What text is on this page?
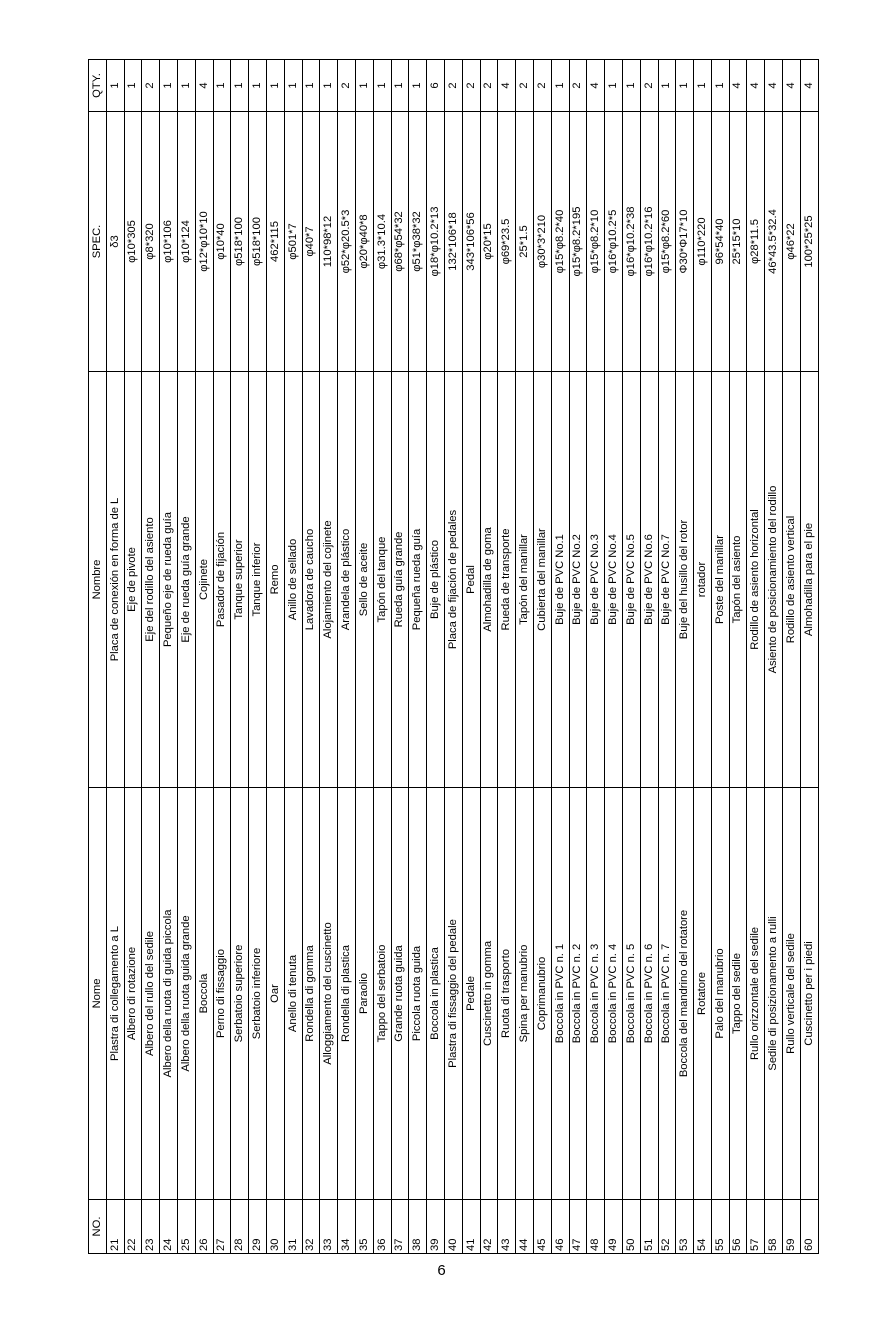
NO.	Nome	Nombre	SPEC.	QTY.
21	Plastra di collegamento a L	Placa de conexión en forma de L	δ3	1
22	Albero di rotazione	Eje de pivote	φ10*305	1
23	Albero del rullo del sedile	Eje del rodillo del asiento	φ8*320	2
24	Albero della ruota di guida piccola	Pequeño eje de rueda guía	φ10*106	1
25	Albero della ruota guida grande	Eje de rueda guía grande	φ10*124	1
26	Boccola	Cojinete	φ12*φ10*10	4
27	Perno di fissaggio	Pasador de fijación	φ10*40	1
28	Serbatoio superiore	Tanque superior	φ518*100	1
29	Serbatoio inferiore	Tanque inferior	φ518*100	1
30	Oar	Remo	462*115	1
31	Anello di tenuta	Anillo de sellado	φ501*7	1
32	Rondella di gomma	Lavadora de caucho	φ40*7	1
33	Alloggiamento del cuscinetto	Alojamiento del cojinete	110*98*12	1
34	Rondella di plastica	Arandela de plástico	φ52*φ20.5*3	2
35	Paraolio	Sello de aceite	φ20*φ40*8	1
36	Tappo del serbatoio	Tapón del tanque	φ31.3*10.4	1
37	Grande ruota guida	Rueda guía grande	φ68*φ54*32	1
38	Piccola ruota guida	Pequeña rueda guía	φ51*φ38*32	1
39	Boccola in plastica	Buje de plástico	φ18*φ10.2*13	6
40	Plastra di fissaggio del pedale	Placa de fijación de pedales	132*106*18	2
41	Pedale	Pedal	343*106*56	2
42	Cuscinetto in gomma	Almohadilla de goma	φ20*15	2
43	Ruota di trasporto	Rueda de transporte	φ69*23.5	4
44	Spina per manubrio	Tapón del manillar	25*1.5	2
45	Coprimanubrio	Cubierta del manillar	φ30*3*210	2
46	Boccola in PVC n. 1	Buje de PVC No.1	φ15*φ8.2*40	1
47	Boccola in PVC n. 2	Buje de PVC No.2	φ15*φ8.2*195	2
48	Boccola in PVC n. 3	Buje de PVC No.3	φ15*φ8.2*10	4
49	Boccola in PVC n. 4	Buje de PVC No.4	φ16*φ10.2*5	1
50	Boccola in PVC n. 5	Buje de PVC No.5	φ16*φ10.2*38	1
51	Boccola in PVC n. 6	Buje de PVC No.6	φ16*φ10.2*16	2
52	Boccola in PVC n. 7	Buje de PVC No.7	φ15*φ8.2*60	1
53	Boccola del mandrino del rotatore	Buje del husillo del rotor	Φ30*Φ17*10	1
54	Rotatore	rotador	φ110*220	1
55	Palo del manubrio	Poste del manillar	96*54*40	1
56	Tappo del sedile	Tapón del asiento	25*15*10	4
57	Rullo orizzontale del sedile	Rodillo de asiento horizontal	φ28*11.5	4
58	Sedile di posizionamento a rulli	Asiento de posicionamiento del rodillo	46*43.5*32.4	4
59	Rullo verticale del sedile	Rodillo de asiento vertical	φ46*22	4
60	Cuscinetto per i piedi	Almohadilla para el pie	100*25*25	4
6
